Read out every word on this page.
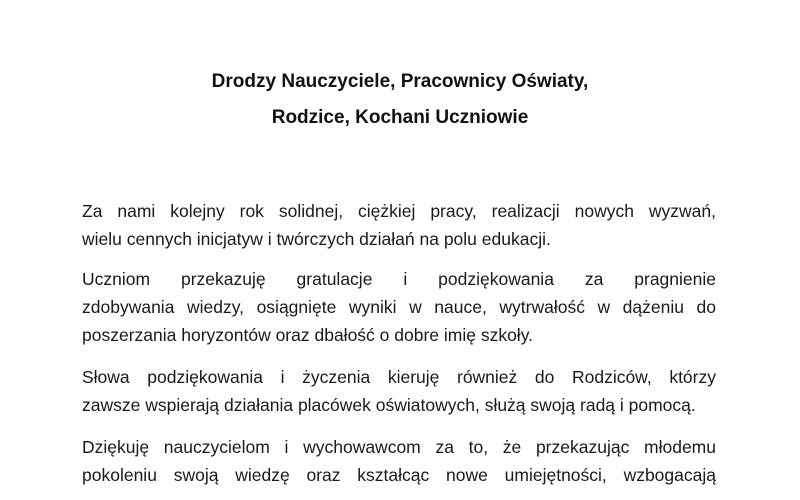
Drodzy Nauczyciele, Pracownicy Oświaty,
Rodzice, Kochani Uczniowie
Za nami kolejny rok solidnej, ciężkiej pracy, realizacji nowych wyzwań,
wielu cennych inicjatyw i twórczych działań na polu edukacji.
Uczniom przekazuję gratulacje i podziękowania za pragnienie
zdobywania wiedzy, osiągnięte wyniki w nauce, wytrwałość w dążeniu do
poszerzania horyzontów oraz dbałość o dobre imię szkoły.
Słowa podziękowania i życzenia kieruję również do Rodziców, którzy
zawsze wspierają działania placówek oświatowych, służą swoją radą i pomocą.
Dziękuję nauczycielom i wychowawcom za to, że przekazując młodemu
pokoleniu swoją wiedzę oraz kształcąc nowe umiejętności, wzbogacają
